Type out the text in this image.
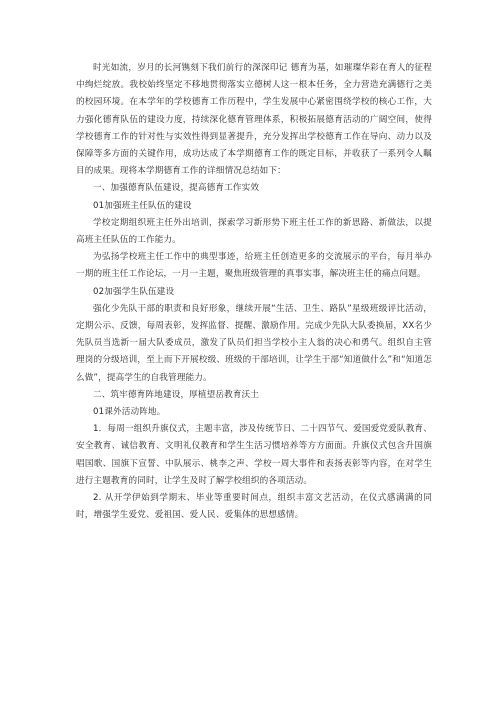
时光如流，岁月的长河镌刻下我们前行的深深印记 德育为基，如璀璨华彩在育人的征程中绚烂绽放。我校始终坚定不移地贯彻落实立德树人这一根本任务，全力营造充满德行之美的校园环境。在本学年的学校德育工作历程中，学生发展中心紧密围绕学校的核心工作，大力强化德育队伍的建设力度，持续深化德育管理体系，积极拓展德育活动的广阔空间，使得学校德育工作的针对性与实效性得到显著提升，充分发挥出学校德育工作在导向、动力以及保障等多方面的关键作用，成功达成了本学期德育工作的既定目标，并收获了一系列令人瞩目的成果。现将本学期德育工作的详细情况总结如下：

一、加强德育队伍建设，提高德育工作实效

01加强班主任队伍的建设

学校定期组织班主任外出培训，探索学习新形势下班主任工作的新思路、新做法，以提高班主任队伍的工作能力。

为弘扬学校班主任工作中的典型事迹，给班主任创造更多的交流展示的平台，每月举办一期的班主任工作论坛，一月一主题，聚焦班级管理的真事实事，解决班主任的痛点问题。

02加强学生队伍建设

强化少先队干部的职责和良好形象，继续开展“生活、卫生、路队”星级班级评比活动，定期公示、反馈，每周表彰，发挥监督、提醒、激励作用。完成少先队大队委换届，XX名少先队员当选新一届大队委成员，激发了队员们担当学校小主人翁的决心和勇气。组织自主管理岗的分级培训，至上而下开展校级、班级的干部培训，让学生干部“知道做什么”和“知道怎么做”，提高学生的自我管理能力。

二、筑牢德育阵地建设，厚植望岳教育沃土

01课外活动阵地。

1．每周一组织升旗仪式，主题丰富，涉及传统节日、二十四节气、爱国爱党爱队教育、安全教育、诚信教育、文明礼仪教育和学生生活习惯培养等方方面面。升旗仪式包含升国旗唱国歌、国旗下宣誓、中队展示、桃李之声、学校一周大事件和表扬表彰等内容，在对学生进行主题教育的同时，让学生及时了解学校组织的各项活动。

2. 从开学伊始到学期末、毕业等重要时间点，组织丰富文艺活动，在仪式感满满的同时，增强学生爱党、爱祖国、爱人民、爱集体的思想感情。
